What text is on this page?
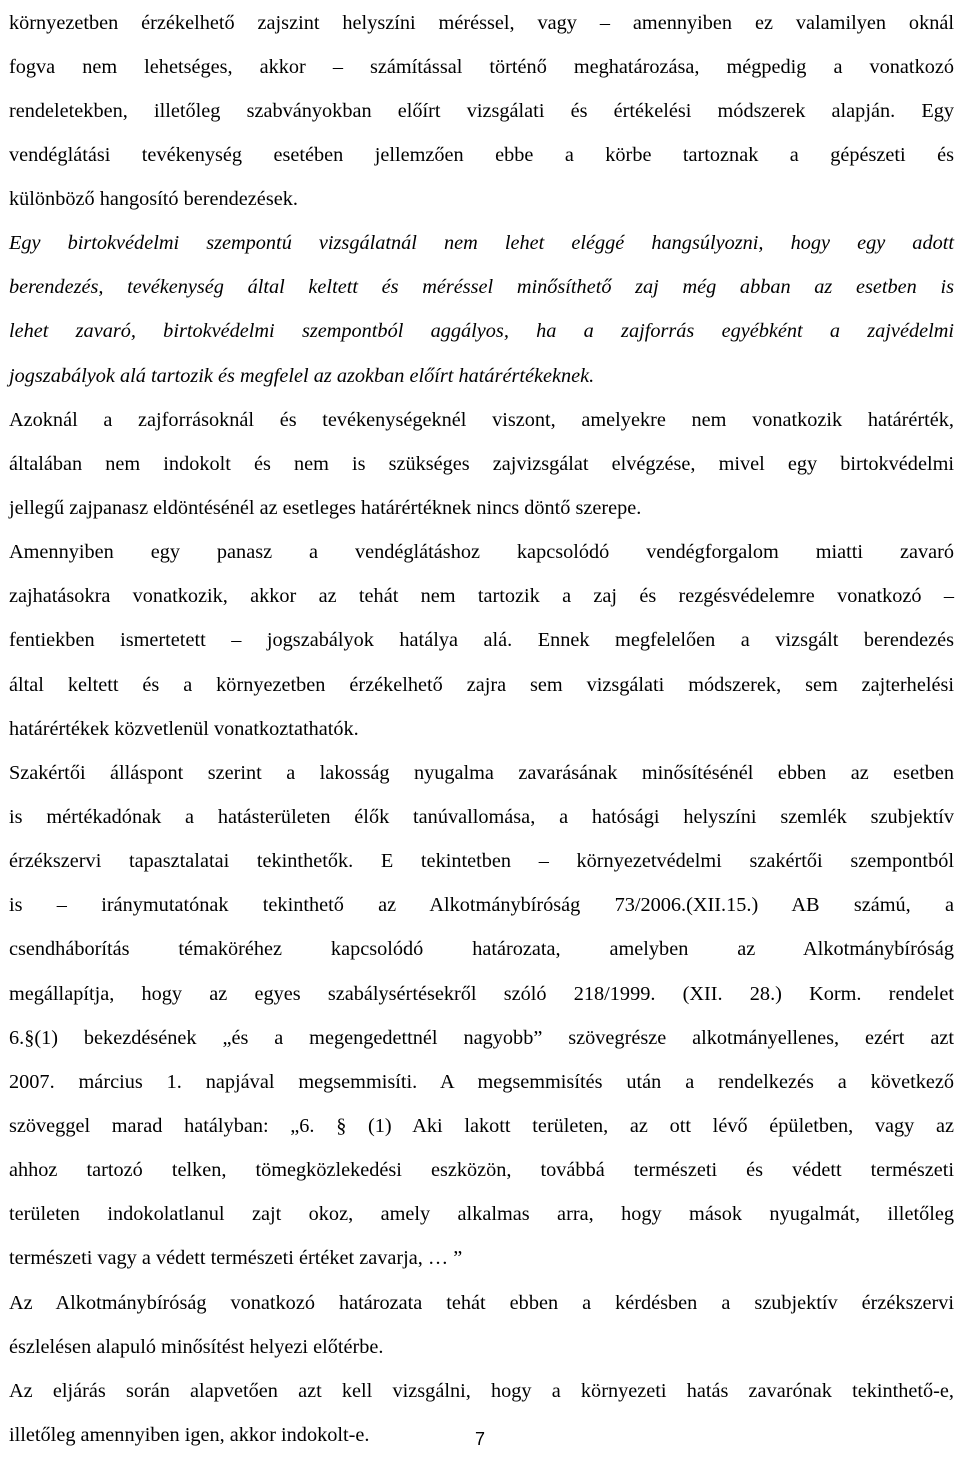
környezetben érzékelhető zajszint helyszíni méréssel, vagy – amennyiben ez valamilyen oknál
fogva nem lehetséges, akkor – számítással történő meghatározása, mégpedig a vonatkozó
rendeletekben, illetőleg szabványokban előírt vizsgálati és értékelési módszerek alapján. Egy
vendéglátási tevékenység esetében jellemzően ebbe a körbe tartoznak a gépészeti és
különböző hangosító berendezések.
Egy birtokvédelmi szempontú vizsgálatnál nem lehet eléggé hangsúlyozni, hogy egy adott
berendezés, tevékenység által keltett és méréssel minősíthető zaj még abban az esetben is
lehet zavaró, birtokvédelmi szempontból aggályos, ha a zajforrás egyébként a zajvédelmi
jogszabályok alá tartozik és megfelel az azokban előírt határértékeknek.
Azoknál a zajforrásoknál és tevékenységeknél viszont, amelyekre nem vonatkozik határérték,
általában nem indokolt és nem is szükséges zajvizsgálat elvégzése, mivel egy birtokvédelmi
jellegű zajpanasz eldöntésénél az esetleges határértéknek nincs döntő szerepe.
Amennyiben egy panasz a vendéglátáshoz kapcsolódó vendégforgalom miatti zavaró
zajhatásokra vonatkozik, akkor az tehát nem tartozik a zaj és rezgésvédelemre vonatkozó –
fentiekben ismertetett – jogszabályok hatálya alá. Ennek megfelelően a vizsgált berendezés
által keltett és a környezetben érzékelhető zajra sem vizsgálati módszerek, sem zajterhelési
határértékek közvetlenül vonatkoztathatók.
Szakértői álláspont szerint a lakosság nyugalma zavarásának minősítésénél ebben az esetben
is mértékadónak a hatásterületen élők tanúvallomása, a hatósági helyszíni szemlék szubjektív
érzékszervi tapasztalatai tekinthetők. E tekintetben – környezetvédelmi szakértői szempontból
is – iránymutatónak tekinthető az Alkotmánybíróság 73/2006.(XII.15.) AB számú, a
csendháborítás témaköréhez kapcsolódó határozata, amelyben az Alkotmánybíróság
megállapítja, hogy az egyes szabálysértésekről szóló 218/1999. (XII. 28.) Korm. rendelet
6.§(1) bekezdésének „és a megengedettnél nagyobb” szövegrésze alkotmányellenes, ezért azt
2007. március 1. napjával megsemmisíti. A megsemmisítés után a rendelkezés a következő
szöveggel marad hatályban: „6. § (1) Aki lakott területen, az ott lévő épületben, vagy az
ahhoz tartozó telken, tömegközlekedési eszközön, továbbá természeti és védett természeti
területen indokolatlanul zajt okoz, amely alkalmas arra, hogy mások nyugalmát, illetőleg
természeti vagy a védett természeti értéket zavarja, … ”
Az Alkotmánybíróság vonatkozó határozata tehát ebben a kérdésben a szubjektív érzékszervi
észlelésen alapuló minősítést helyezi előtérbe.
Az eljárás során alapvetően azt kell vizsgálni, hogy a környezeti hatás zavarónak tekinthető-e,
illetőleg amennyiben igen, akkor indokolt-e.	7
